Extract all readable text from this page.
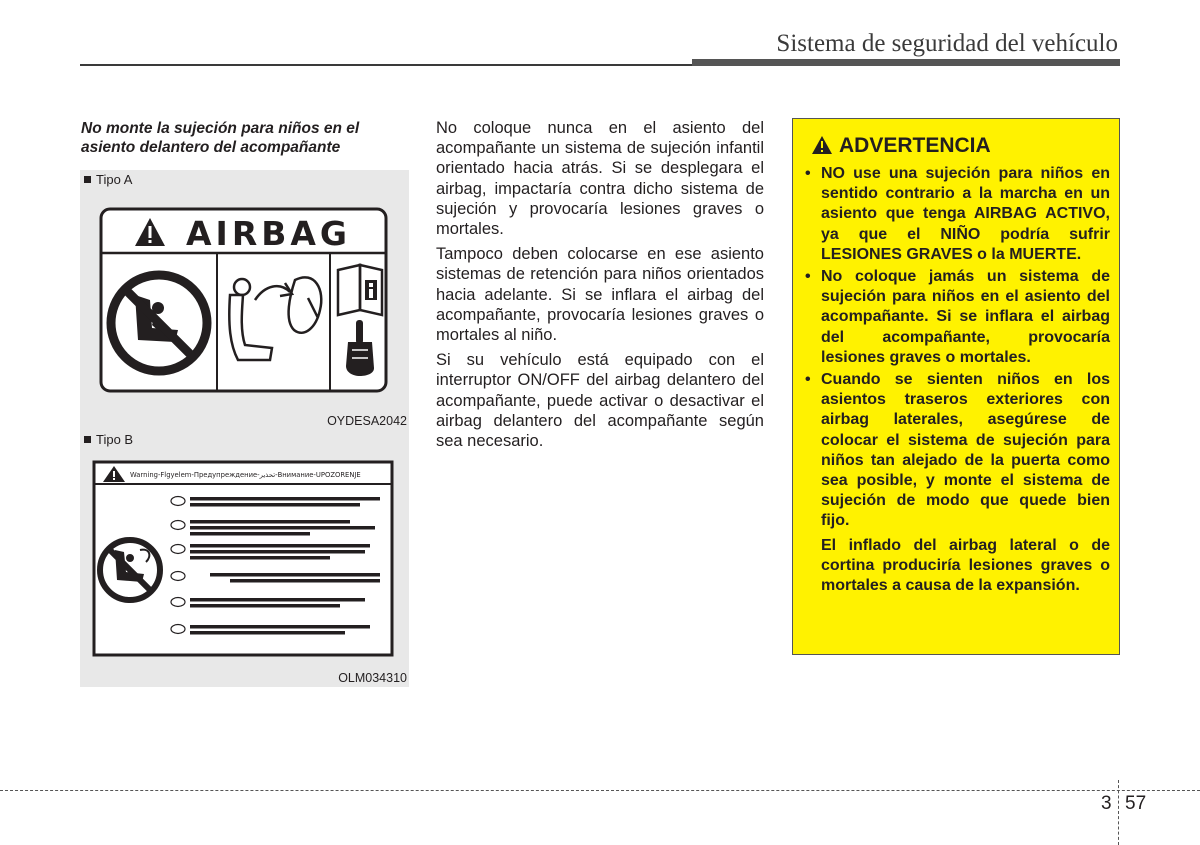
Sistema de seguridad del vehículo
No monte la sujeción para niños en el asiento delantero del acompañante
Tipo A
AIRBAG
OYDESA2042
Tipo B
Warning-Flgyelem-Предупреждение-تحذير-Внимание-UPOZORENJE
OLM034310

No coloque nunca en el asiento del acompañante un sistema de sujeción infantil orientado hacia atrás. Si se desplegara el airbag, impactaría contra dicho sistema de sujeción y provocaría lesiones graves o mortales.

Tampoco deben colocarse en ese asiento sistemas de retención para niños orientados hacia adelante. Si se inflara el airbag del acompañante, provocaría lesiones graves o mortales al niño.

Si su vehículo está equipado con el interruptor ON/OFF del airbag delantero del acompañante, puede activar o desactivar el airbag delantero del acompañante según sea necesario.

ADVERTENCIA
• NO use una sujeción para niños en sentido contrario a la marcha en un asiento que tenga AIRBAG ACTIVO, ya que el NIÑO podría sufrir LESIONES GRAVES o la MUERTE.
• No coloque jamás un sistema de sujeción para niños en el asiento del acompañante. Si se inflara el airbag del acompañante, provocaría lesiones graves o mortales.
• Cuando se sienten niños en los asientos traseros exteriores con airbag laterales, asegúrese de colocar el sistema de sujeción para niños tan alejado de la puerta como sea posible, y monte el sistema de sujeción de modo que quede bien fijo.
El inflado del airbag lateral o de cortina produciría lesiones graves o mortales a causa de la expansión.
3 57
